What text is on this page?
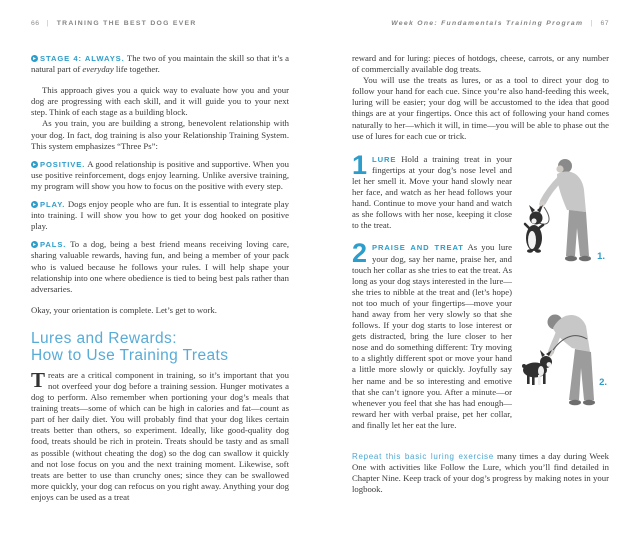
66 | TRAINING THE BEST DOG EVER

STAGE 4: ALWAYS. The two of you maintain the skill so that it’s a natural part of everyday life together.

This approach gives you a quick way to evaluate how you and your dog are progressing with each skill, and it will guide you to your next step. Think of each stage as a building block.

As you train, you are building a strong, benevolent relationship with your dog. In fact, dog training is also your Relationship Training System. This system emphasizes “Three Ps”:

POSITIVE. A good relationship is positive and supportive. When you use positive reinforcement, dogs enjoy learning. Unlike aversive training, my program will show you how to focus on the positive with every step.

PLAY. Dogs enjoy people who are fun. It is essential to integrate play into training. I will show you how to get your dog hooked on positive play.

PALS. To a dog, being a best friend means receiving loving care, sharing valuable rewards, having fun, and being a member of your pack who is valued because he follows your rules. I will help shape your relationship into one where obedience is tied to being best pals rather than adversaries.

Okay, your orientation is complete. Let’s get to work.

Lures and Rewards:
How to Use Training Treats

Treats are a critical component in training, so it’s important that you not overfeed your dog before a training session. Hunger motivates a dog to perform. Also remember when portioning your dog’s meals that training treats—some of which can be high in calories and fat—count as part of her daily diet. You will probably find that your dog likes certain treats better than others, so experiment. Ideally, like good-quality dog food, treats should be rich in protein. Treats should be tasty and as small as possible (without cheating the dog) so the dog can swallow it quickly and not lose focus on you and the next training moment. Likewise, soft treats are better to use than crunchy ones; since they can be swallowed more quickly, your dog can refocus on you right away. Anything your dog enjoys can be used as a treat

Week One: Fundamentals Training Program | 67

reward and for luring: pieces of hotdogs, cheese, carrots, or any number of commercially available dog treats.

You will use the treats as lures, or as a tool to direct your dog to follow your hand for each cue. Since you’re also hand-feeding this week, luring will be easier; your dog will be accustomed to the idea that good things are at your fingertips. Once this act of following your hand comes naturally to her—which it will, in time—you will be able to phase out the use of lures for each cue or trick.

1 LURE Hold a training treat in your fingertips at your dog’s nose level and let her smell it. Move your hand slowly near her face, and watch as her head follows your hand. Continue to move your hand and watch as she follows with her nose, keeping it close to the treat.

2 PRAISE AND TREAT As you lure your dog, say her name, praise her, and touch her collar as she tries to eat the treat. As long as your dog stays interested in the lure—she tries to nibble at the treat and (let’s hope) not too much of your fingertips—move your hand away from her very slowly so that she follows. If your dog starts to lose interest or gets distracted, bring the lure closer to her nose and do something different: Try moving to a slightly different spot or move your hand a little more slowly or quickly. Joyfully say her name and be so interesting and emotive that she can’t ignore you. After a minute—or whenever you feel that she has had enough—reward her with verbal praise, pet her collar, and finally let her eat the lure.

1.
2.

Repeat this basic luring exercise many times a day during Week One with activities like Follow the Lure, which you’ll find detailed in Chapter Nine. Keep track of your dog’s progress by making notes in your logbook.
